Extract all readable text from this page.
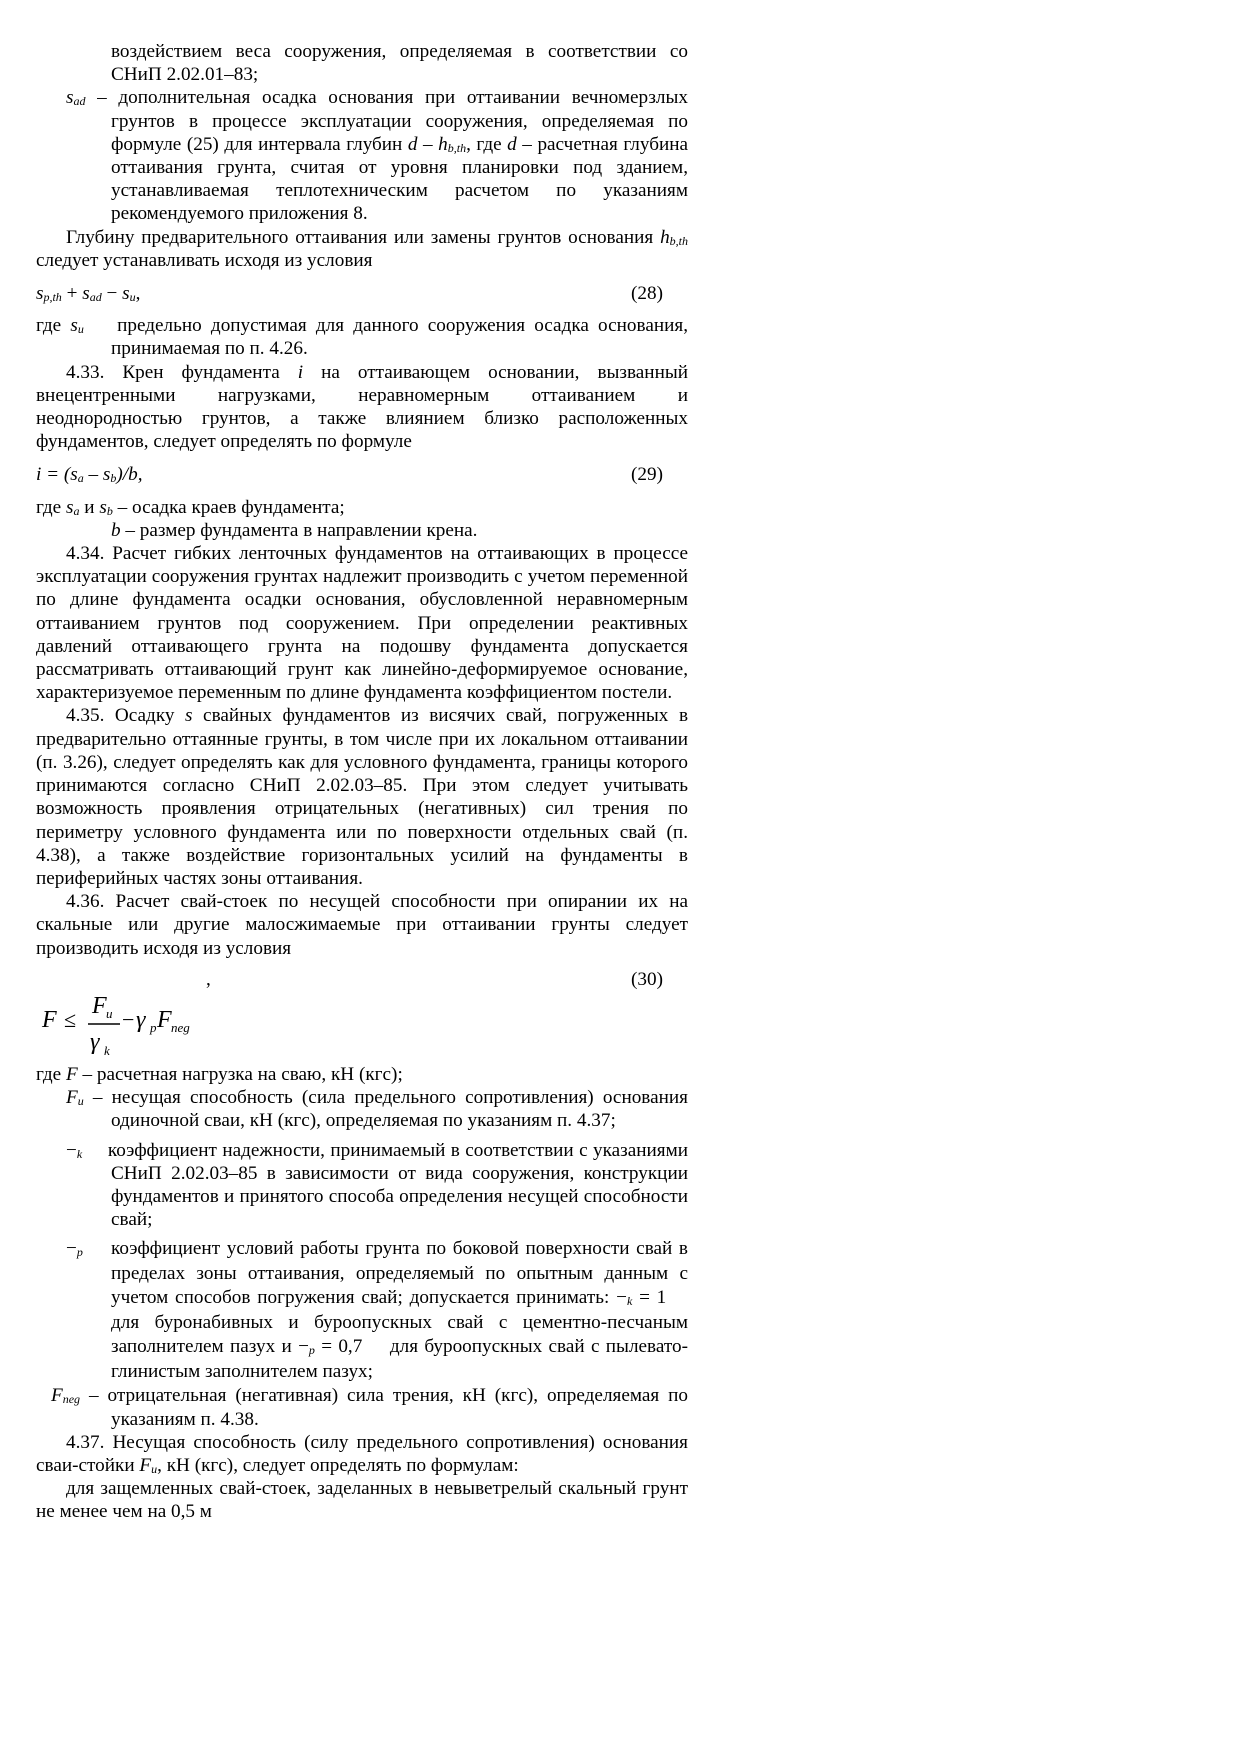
воздействием веса сооружения, определяемая в соответствии со СНиП 2.02.01–83;

sad – дополнительная осадка основания при оттаивании вечномерзлых грунтов в процессе эксплуатации сооружения, определяемая по формуле (25) для интервала глубин d – hb,th, где d – расчетная глубина оттаивания грунта, считая от уровня планировки под зданием, устанавливаемая теплотехническим расчетом по указаниям рекомендуемого приложения 8.

Глубину предварительного оттаивания или замены грунтов основания hb,th следует устанавливать исходя из условия

sp,th + sad − su,	(28)

где su   предельно допустимая для данного сооружения осадка основания, принимаемая по п. 4.26.

4.33. Крен фундамента i на оттаивающем основании, вызванный внецентренными нагрузками, неравномерным оттаиванием и неоднородностью грунтов, а также влиянием близко расположенных фундаментов, следует определять по формуле

i = (sa – sb)/b,	(29)

где sa и sb – осадка краев фундамента;

b – размер фундамента в направлении крена.

4.34. Расчет гибких ленточных фундаментов на оттаивающих в процессе эксплуатации сооружения грунтах надлежит производить с учетом переменной по длине фундамента осадки основания, обусловленной неравномерным оттаиванием грунтов под сооружением. При определении реактивных давлений оттаивающего грунта на подошву фундамента допускается рассматривать оттаивающий грунт как линейно-деформируемое основание, характеризуемое переменным по длине фундамента коэффициентом постели.

4.35. Осадку s свайных фундаментов из висячих свай, погруженных в предварительно оттаянные грунты, в том числе при их локальном оттаивании (п. 3.26), следует определять как для условного фундамента, границы которого принимаются согласно СНиП 2.02.03–85. При этом следует учитывать возможность проявления отрицательных (негативных) сил трения по периметру условного фундамента или по поверхности отдельных свай (п. 4.38), а также воздействие горизонтальных усилий на фундаменты в периферийных частях зоны оттаивания.

4.36. Расчет свай-стоек по несущей способности при опирании их на скальные или другие малосжимаемые при оттаивании грунты следует производить исходя из условия

,	(30)
F ≤
F u
γ k
− γ p F neg

где F – расчетная нагрузка на сваю, кН (кгс);

Fu – несущая способность (сила предельного сопротивления) основания одиночной сваи, кН (кгс), определяемая по указаниям п. 4.37;

−k   коэффициент надежности, принимаемый в соответствии с указаниями СНиП 2.02.03–85 в зависимости от вида сооружения, конструкции фундаментов и принятого способа определения несущей способности свай;

−p   коэффициент условий работы грунта по боковой поверхности свай в пределах зоны оттаивания, определяемый по опытным данным с учетом способов погружения свай; допускается принимать: −k = 1   для буронабивных и буроопускных свай с цементно-песчаным заполнителем пазух и −p = 0,7   для буроопускных свай с пылевато-глинистым заполнителем пазух;

Fneg – отрицательная (негативная) сила трения, кН (кгс), определяемая по указаниям п. 4.38.

4.37. Несущая способность (силу предельного сопротивления) основания сваи-стойки Fu, кН (кгс), следует определять по формулам:

для защемленных свай-стоек, заделанных в невыветрелый скальный грунт не менее чем на 0,5 м
